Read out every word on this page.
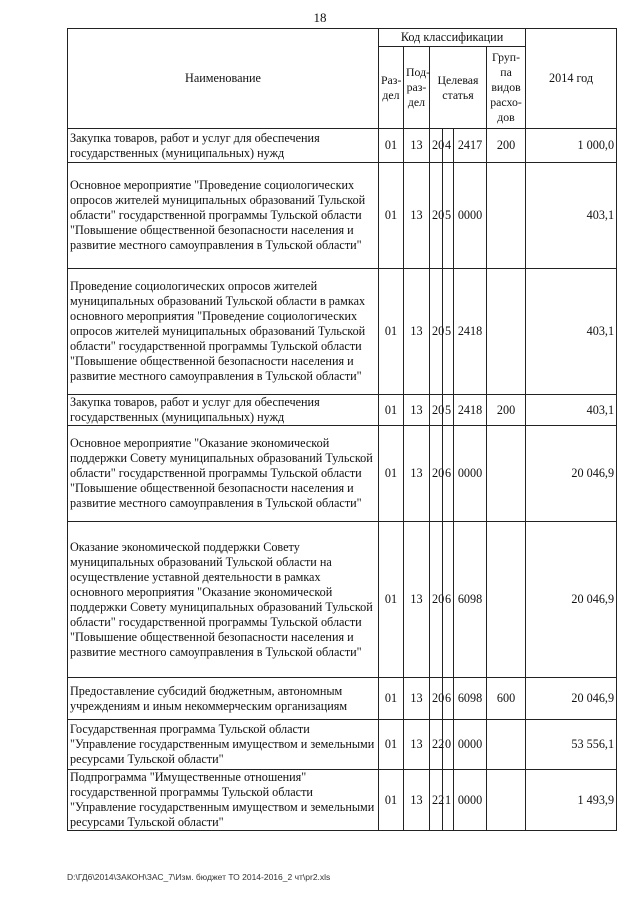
18
Наименование	Код классификации						2014 год
	Раз-дел	Под-раз-дел	Целевая статья			Груп-па видов расхо-дов	
Закупка товаров, работ и услуг для обеспечения государственных (муниципальных) нужд	01	13	20	4	2417	200	1 000,0
Основное мероприятие "Проведение социологических опросов жителей муниципальных образований Тульской области" государственной программы Тульской области "Повышение общественной безопасности населения и развитие местного самоуправления в Тульской области"	01	13	20	5	0000		403,1
Проведение социологических опросов жителей муниципальных образований Тульской области в рамках основного мероприятия "Проведение социологических опросов жителей муниципальных образований Тульской области" государственной программы Тульской области "Повышение общественной безопасности населения и развитие местного самоуправления в Тульской области"	01	13	20	5	2418		403,1
Закупка товаров, работ и услуг для обеспечения государственных (муниципальных) нужд	01	13	20	5	2418	200	403,1
Основное мероприятие "Оказание экономической поддержки Совету муниципальных образований Тульской области" государственной программы Тульской области "Повышение общественной безопасности населения и развитие местного самоуправления в Тульской области"	01	13	20	6	0000		20 046,9
Оказание экономической поддержки Совету муниципальных образований Тульской области на осуществление уставной деятельности в рамках основного мероприятия "Оказание экономической поддержки Совету муниципальных образований Тульской области" государственной программы Тульской области "Повышение общественной безопасности населения и развитие местного самоуправления в Тульской области"	01	13	20	6	6098		20 046,9
Предоставление субсидий бюджетным, автономным учреждениям и иным некоммерческим организациям	01	13	20	6	6098	600	20 046,9
Государственная программа Тульской области "Управление государственным имуществом и земельными ресурсами Тульской области"	01	13	22	0	0000		53 556,1
Подпрограмма "Имущественные отношения" государственной программы Тульской области "Управление государственным имуществом и земельными ресурсами Тульской области"	01	13	22	1	0000		1 493,9
D:\ГД6\2014\ЗАКОН\ЗАС_7\Изм. бюджет ТО 2014-2016_2 чт\pr2.xls
